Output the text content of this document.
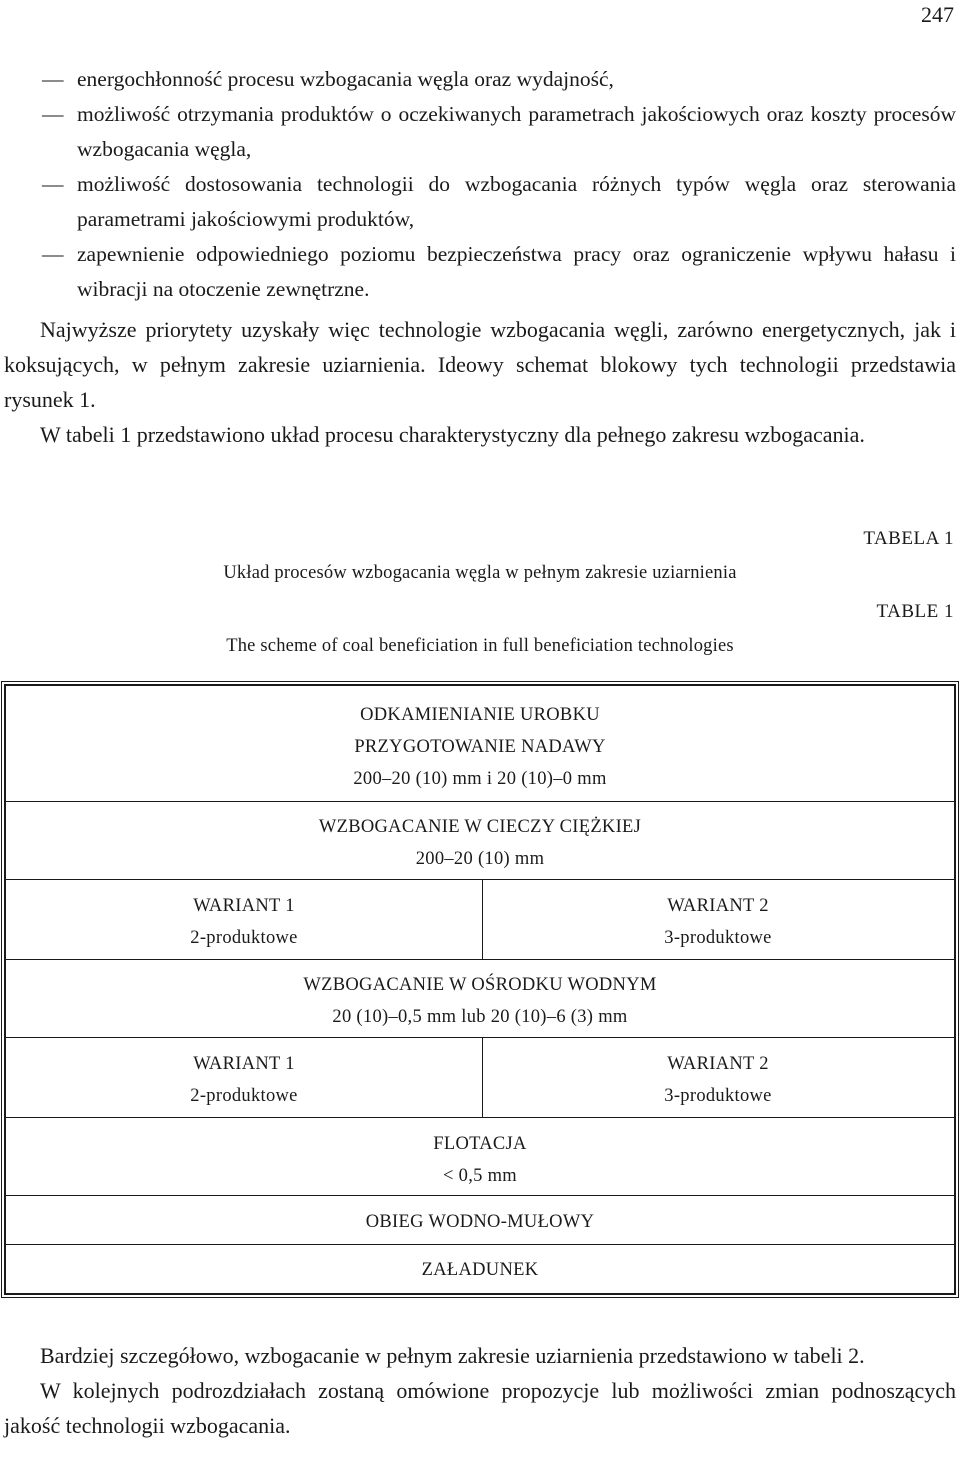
247
— energochłonność procesu wzbogacania węgla oraz wydajność,
— możliwość otrzymania produktów o oczekiwanych parametrach jakościowych oraz koszty procesów wzbogacania węgla,
— możliwość dostosowania technologii do wzbogacania różnych typów węgla oraz sterowania parametrami jakościowymi produktów,
— zapewnienie odpowiedniego poziomu bezpieczeństwa pracy oraz ograniczenie wpływu hałasu i wibracji na otoczenie zewnętrzne.

Najwyższe priorytety uzyskały więc technologie wzbogacania węgli, zarówno energetycznych, jak i koksujących, w pełnym zakresie uziarnienia. Ideowy schemat blokowy tych technologii przedstawia rysunek 1.

W tabeli 1 przedstawiono układ procesu charakterystyczny dla pełnego zakresu wzbogacania.

TABELA 1
Układ procesów wzbogacania węgla w pełnym zakresie uziarnienia
TABLE 1
The scheme of coal beneficiation in full beneficiation technologies
ODKAMIENIANIE UROBKU
PRZYGOTOWANIE NADAWY
200–20 (10) mm i 20 (10)–0 mm
WZBOGACANIE W CIECZY CIĘŻKIEJ
200–20 (10) mm
WARIANT 1
2-produktowe
WARIANT 2
3-produktowe
WZBOGACANIE W OŚRODKU WODNYM
20 (10)–0,5 mm lub 20 (10)–6 (3) mm
WARIANT 1
2-produktowe
WARIANT 2
3-produktowe
FLOTACJA
< 0,5 mm
OBIEG WODNO-MUŁOWY
ZAŁADUNEK

Bardziej szczegółowo, wzbogacanie w pełnym zakresie uziarnienia przedstawiono w tabeli 2.

W kolejnych podrozdziałach zostaną omówione propozycje lub możliwości zmian podnoszących jakość technologii wzbogacania.
